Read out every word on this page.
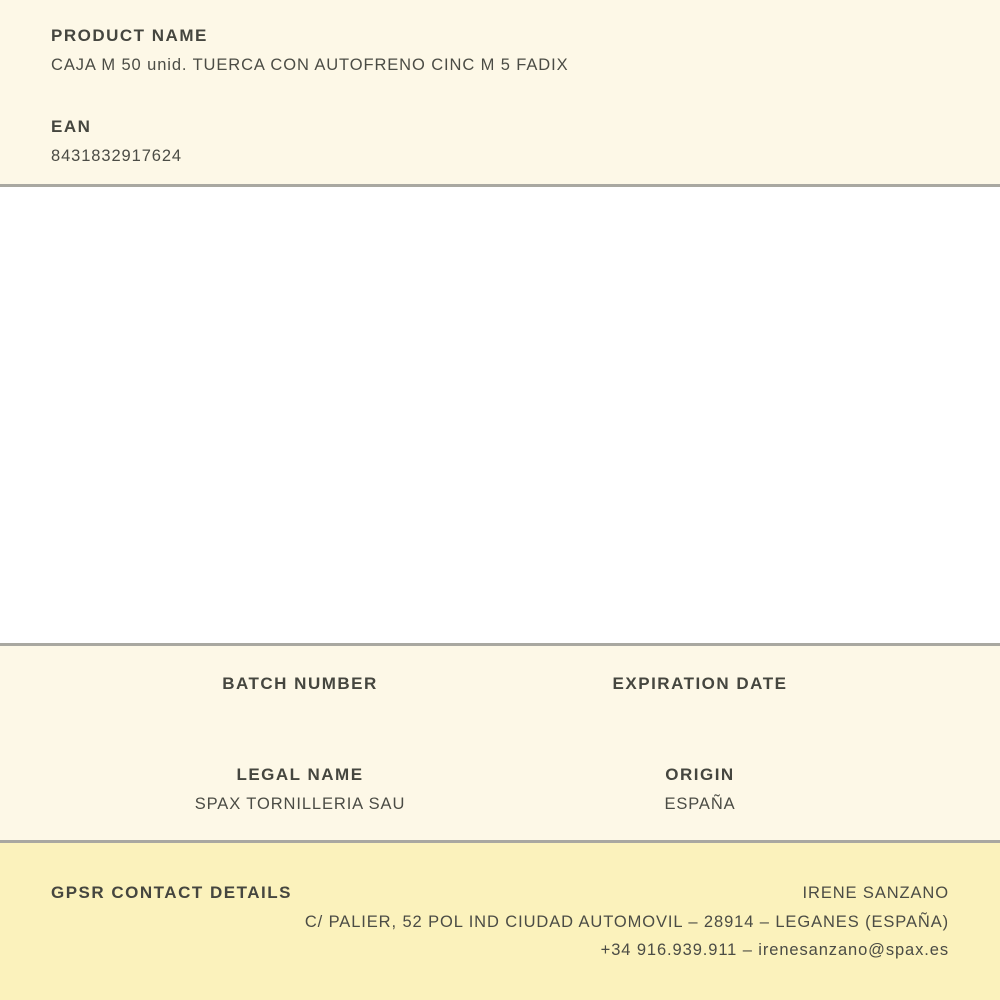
PRODUCT NAME
CAJA M 50 unid. TUERCA CON AUTOFRENO CINC M 5 FADIX
EAN
8431832917624
BATCH NUMBER	EXPIRATION DATE
LEGAL NAME
SPAX TORNILLERIA SAU
ORIGIN
ESPAÑA
GPSR CONTACT DETAILS	IRENE SANZANO
C/ PALIER, 52 POL IND CIUDAD AUTOMOVIL – 28914 – LEGANES (ESPAÑA)
+34 916.939.911 – irenesanzano@spax.es
